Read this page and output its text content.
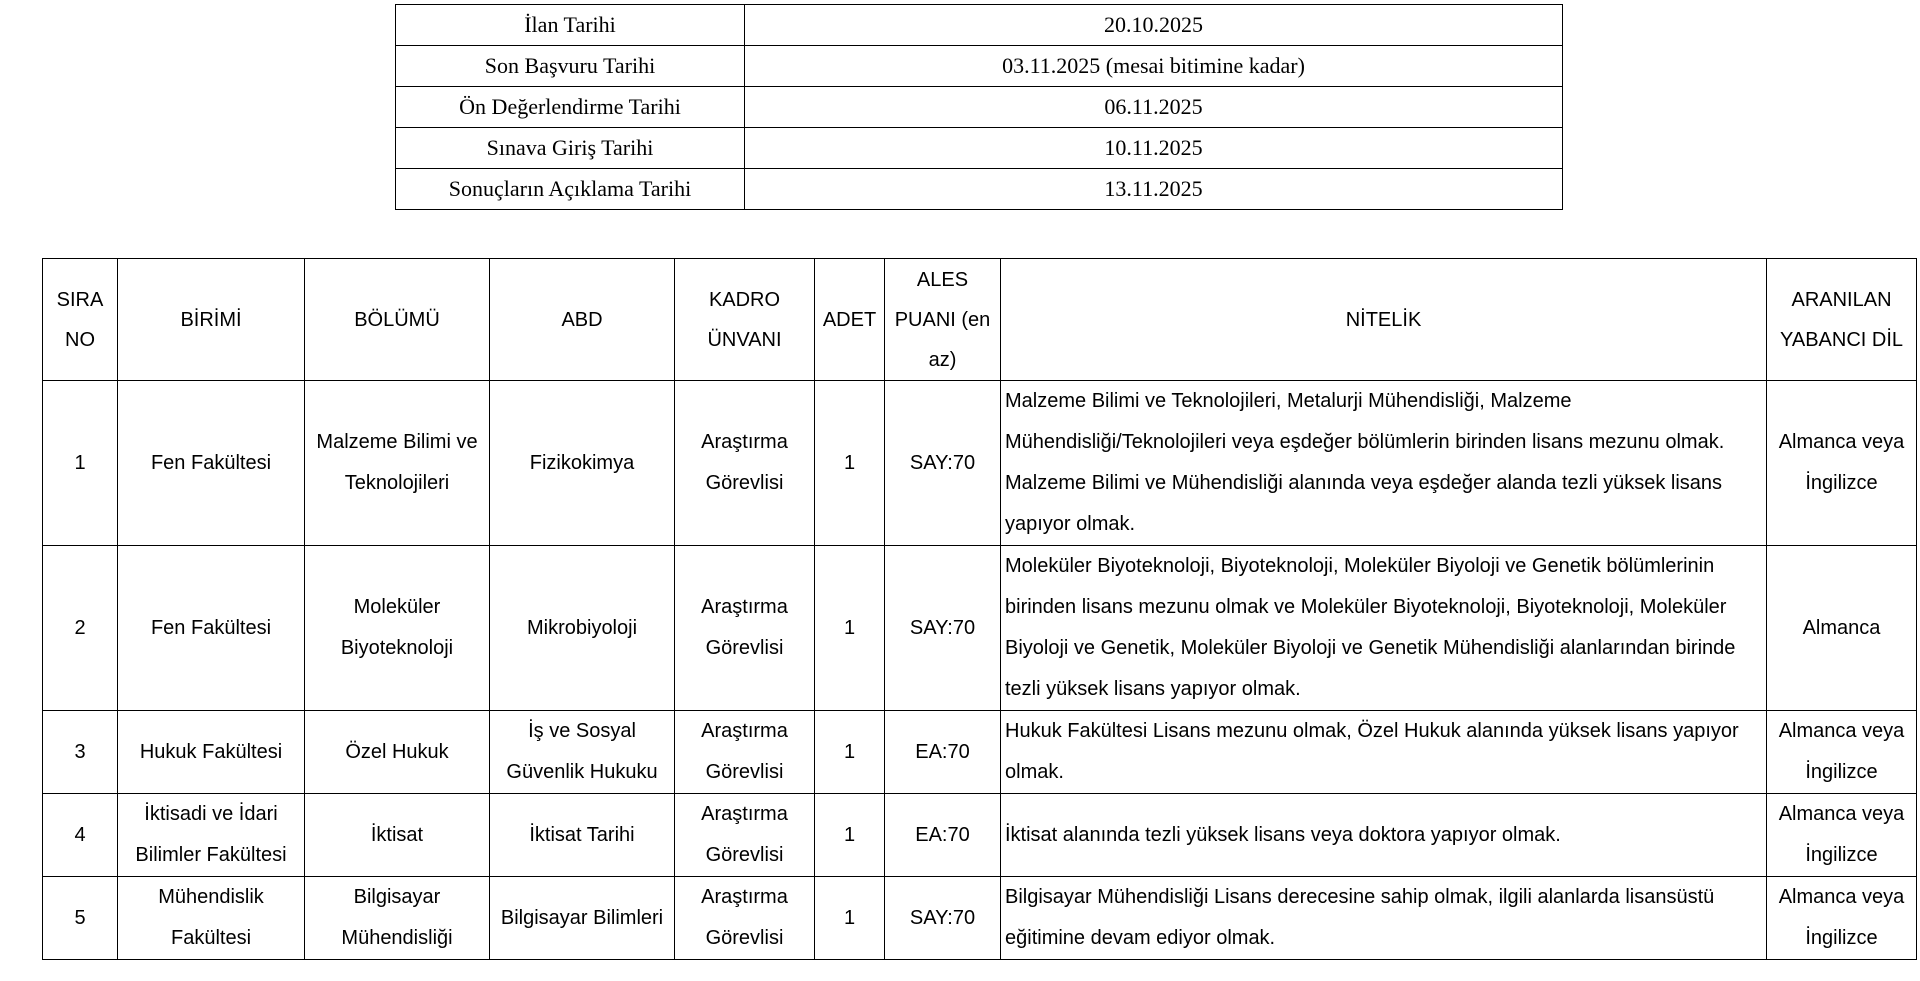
İlan Tarihi	20.10.2025
Son Başvuru Tarihi	03.11.2025 (mesai bitimine kadar)
Ön Değerlendirme Tarihi	06.11.2025
Sınava Giriş Tarihi	10.11.2025
Sonuçların Açıklama Tarihi	13.11.2025
SIRA NO	BİRİMİ	BÖLÜMÜ	ABD	KADRO ÜNVANI	ADET	ALES PUANI (en az)	NİTELİK	ARANILAN YABANCI DİL
1	Fen Fakültesi	Malzeme Bilimi ve Teknolojileri	Fizikokimya	Araştırma Görevlisi	1	SAY:70	Malzeme Bilimi ve Teknolojileri, Metalurji Mühendisliği, Malzeme Mühendisliği/Teknolojileri veya eşdeğer bölümlerin birinden lisans mezunu olmak. Malzeme Bilimi ve Mühendisliği alanında veya eşdeğer alanda tezli yüksek lisans yapıyor olmak.	Almanca veya İngilizce
2	Fen Fakültesi	Moleküler Biyoteknoloji	Mikrobiyoloji	Araştırma Görevlisi	1	SAY:70	Moleküler Biyoteknoloji, Biyoteknoloji, Moleküler Biyoloji ve Genetik bölümlerinin birinden lisans mezunu olmak ve Moleküler Biyoteknoloji, Biyoteknoloji, Moleküler Biyoloji ve Genetik, Moleküler Biyoloji ve Genetik Mühendisliği alanlarından birinde tezli yüksek lisans yapıyor olmak.	Almanca
3	Hukuk Fakültesi	Özel Hukuk	İş ve Sosyal Güvenlik Hukuku	Araştırma Görevlisi	1	EA:70	Hukuk Fakültesi Lisans mezunu olmak, Özel Hukuk alanında yüksek lisans yapıyor olmak.	Almanca veya İngilizce
4	İktisadi ve İdari Bilimler Fakültesi	İktisat	İktisat Tarihi	Araştırma Görevlisi	1	EA:70	İktisat alanında tezli yüksek lisans veya doktora yapıyor olmak.	Almanca veya İngilizce
5	Mühendislik Fakültesi	Bilgisayar Mühendisliği	Bilgisayar Bilimleri	Araştırma Görevlisi	1	SAY:70	Bilgisayar Mühendisliği Lisans derecesine sahip olmak, ilgili alanlarda lisansüstü eğitimine devam ediyor olmak.	Almanca veya İngilizce
